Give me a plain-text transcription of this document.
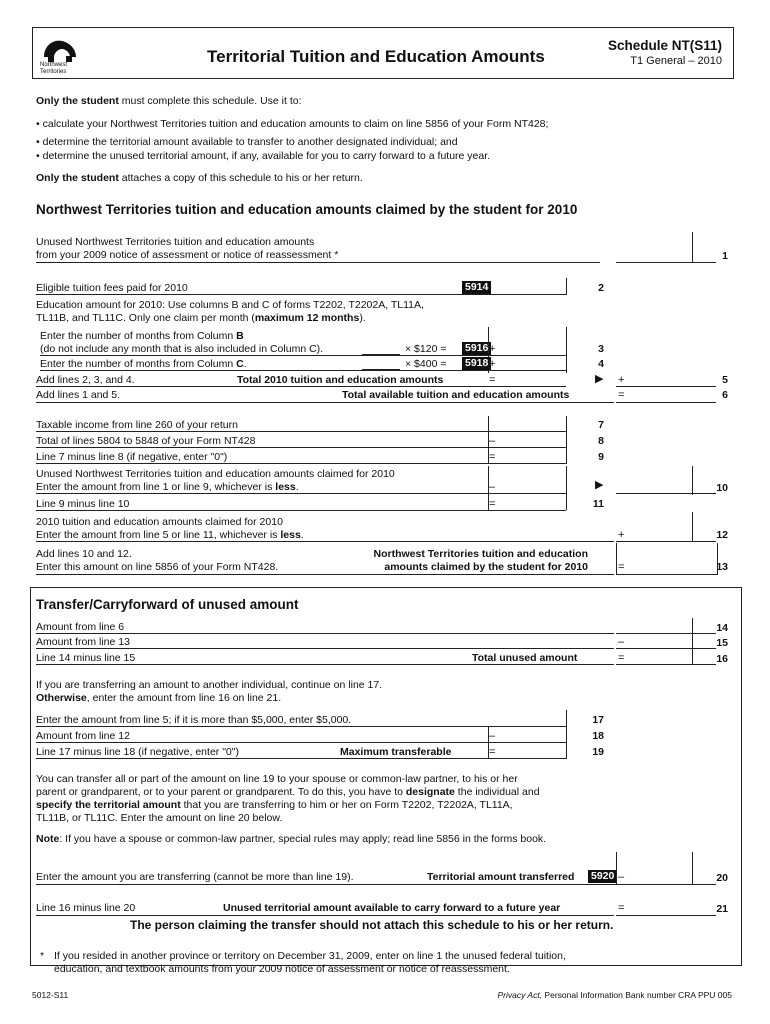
Northwest Territories
Territorial Tuition and Education Amounts
Schedule NT(S11)
T1 General – 2010
Only the student must complete this schedule. Use it to:
• calculate your Northwest Territories tuition and education amounts to claim on line 5856 of your Form NT428;
• determine the territorial amount available to transfer to another designated individual; and
• determine the unused territorial amount, if any, available for you to carry forward to a future year.
Only the student attaches a copy of this schedule to his or her return.
Northwest Territories tuition and education amounts claimed by the student for 2010
Unused Northwest Territories tuition and education amounts
from your 2009 notice of assessment or notice of reassessment *	1
Eligible tuition fees paid for 2010	5914	2
Education amount for 2010: Use columns B and C of forms T2202, T2202A, TL11A,
TL11B, and TL11C. Only one claim per month (maximum 12 months).
Enter the number of months from Column B
(do not include any month that is also included in Column C).	× $120 = 5916 +	3
Enter the number of months from Column C.	× $400 = 5918 +	4
Add lines 2, 3, and 4.	Total 2010 tuition and education amounts	=	▶ +	5
Add lines 1 and 5.	Total available tuition and education amounts	=	6
Taxable income from line 260 of your return	7
Total of lines 5804 to 5848 of your Form NT428	–	8
Line 7 minus line 8 (if negative, enter "0")	=	9
Unused Northwest Territories tuition and education amounts claimed for 2010
Enter the amount from line 1 or line 9, whichever is less.	–	▶	10
Line 9 minus line 10	=	11
2010 tuition and education amounts claimed for 2010
Enter the amount from line 5 or line 11, whichever is less.	+	12
Add lines 10 and 12.
Enter this amount on line 5856 of your Form NT428.
Northwest Territories tuition and education
amounts claimed by the student for 2010	=	13
Transfer/Carryforward of unused amount
Amount from line 6	14
Amount from line 13	–	15
Line 14 minus line 15	Total unused amount	=	16
If you are transferring an amount to another individual, continue on line 17.
Otherwise, enter the amount from line 16 on line 21.
Enter the amount from line 5; if it is more than $5,000, enter $5,000.	17
Amount from line 12	–	18
Line 17 minus line 18 (if negative, enter "0")	Maximum transferable	=	19
You can transfer all or part of the amount on line 19 to your spouse or common-law partner, to his or her
parent or grandparent, or to your parent or grandparent. To do this, you have to designate the individual and
specify the territorial amount that you are transferring to him or her on Form T2202, T2202A, TL11A,
TL11B, or TL11C. Enter the amount on line 20 below.
Note: If you have a spouse or common-law partner, special rules may apply; read line 5856 in the forms book.
Enter the amount you are transferring (cannot be more than line 19).	Territorial amount transferred 5920 –	20
Line 16 minus line 20	Unused territorial amount available to carry forward to a future year	=	21
The person claiming the transfer should not attach this schedule to his or her return.
* If you resided in another province or territory on December 31, 2009, enter on line 1 the unused federal tuition,
education, and textbook amounts from your 2009 notice of assessment or notice of reassessment.
5012-S11	Privacy Act, Personal Information Bank number CRA PPU 005
